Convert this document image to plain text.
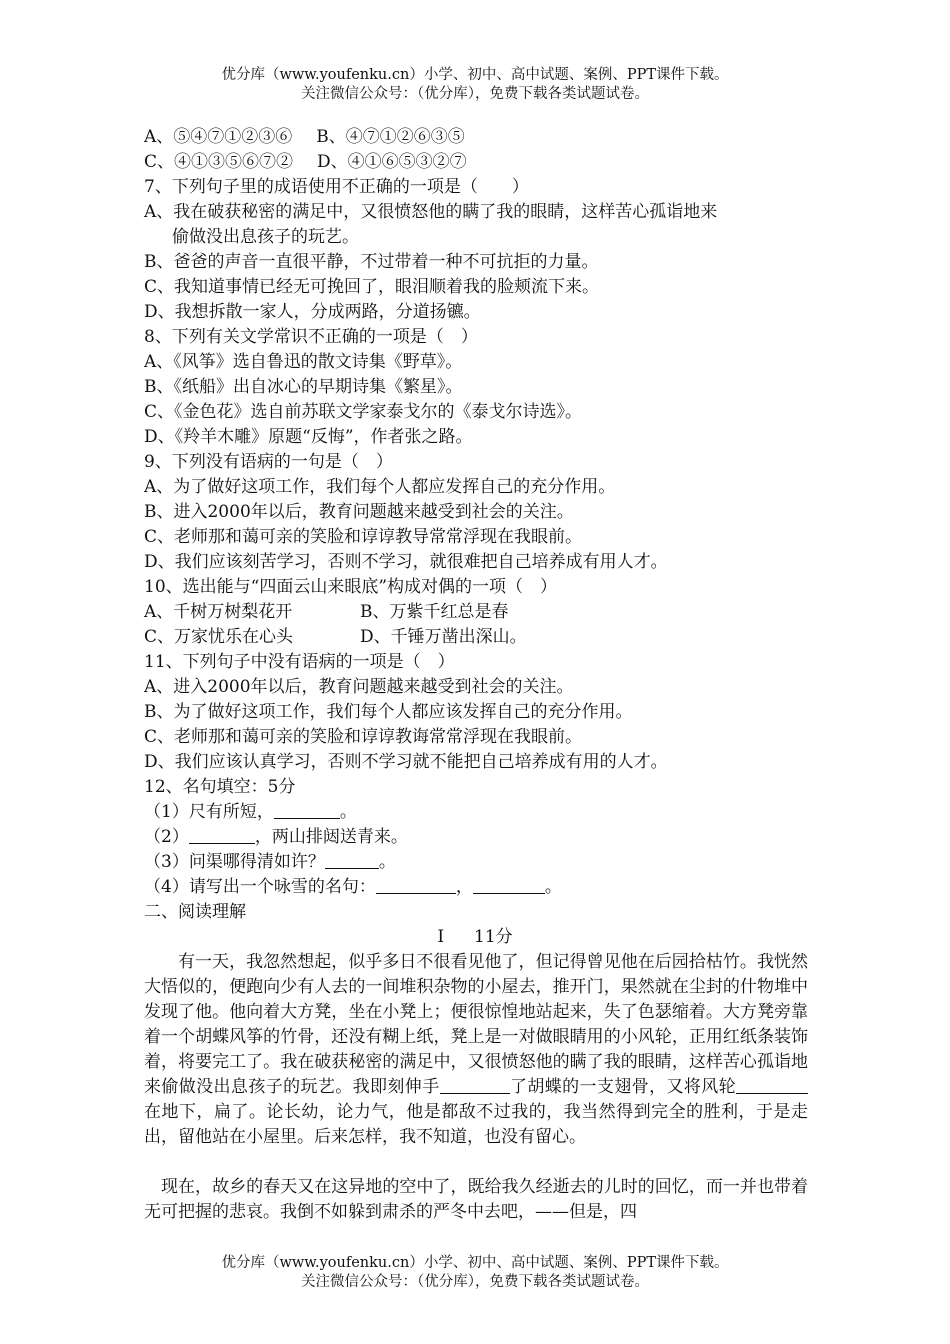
优分库（www.youfenku.cn）小学、初中、高中试题、案例、PPT课件下载。
关注微信公众号：（优分库），免费下载各类试题试卷。
A、⑤④⑦①②③⑥ B、④⑦①②⑥③⑤
C、④①③⑤⑥⑦② D、④①⑥⑤③②⑦
7、下列句子里的成语使用不正确的一项是（　　）
A、我在破获秘密的满足中，又很愤怒他的瞒了我的眼睛，这样苦心孤诣地来
偷做没出息孩子的玩艺。
B、爸爸的声音一直很平静，不过带着一种不可抗拒的力量。
C、我知道事情已经无可挽回了，眼泪顺着我的脸颊流下来。
D、我想拆散一家人，分成两路，分道扬镳。
8、下列有关文学常识不正确的一项是（　）
A、《风筝》选自鲁迅的散文诗集《野草》。
B、《纸船》出自冰心的早期诗集《繁星》。
C、《金色花》选自前苏联文学家泰戈尔的《泰戈尔诗选》。
D、《羚羊木雕》原题“反悔”，作者张之路。
9、下列没有语病的一句是（　）
A、为了做好这项工作，我们每个人都应发挥自己的充分作用。
B、进入2000年以后，教育问题越来越受到社会的关注。
C、老师那和蔼可亲的笑脸和谆谆教导常常浮现在我眼前。
D、我们应该刻苦学习，否则不学习，就很难把自己培养成有用人才。
10、选出能与“四面云山来眼底”构成对偶的一项（　）
A、千树万树梨花开	B、万紫千红总是春
C、万家忧乐在心头	D、千锤万凿出深山。
11、下列句子中没有语病的一项是（　）
A、进入2000年以后，教育问题越来越受到社会的关注。
B、为了做好这项工作，我们每个人都应该发挥自己的充分作用。
C、老师那和蔼可亲的笑脸和谆谆教诲常常浮现在我眼前。
D、我们应该认真学习，否则不学习就不能把自己培养成有用的人才。
12、名句填空：5分
（1）尺有所短，	。
（2）	，两山排闼送青来。
（3）问渠哪得清如许？	。
（4）请写出一个咏雪的名句：	，	。
二、阅读理解
I 11分
有一天，我忽然想起，似乎多日不很看见他了，但记得曾见他在后园拾枯竹。我恍然大悟似的，便跑向少有人去的一间堆积杂物的小屋去，推开门，果然就在尘封的什物堆中发现了他。他向着大方凳，坐在小凳上；便很惊惶地站起来，失了色瑟缩着。大方凳旁靠着一个胡蝶风筝的竹骨，还没有糊上纸，凳上是一对做眼睛用的小风轮，正用红纸条装饰着，将要完工了。我在破获秘密的满足中，又很愤怒他的瞒了我的眼睛，这样苦心孤诣地来偷做没出息孩子的玩艺。我即刻伸手	了胡蝶的一支翅骨，又将风轮在地下，扁了。论长幼，论力气，他是都敌不过我的，我当然得到完全的胜利，于是走出，留他站在小屋里。后来怎样，我不知道，也没有留心。
现在，故乡的春天又在这异地的空中了，既给我久经逝去的儿时的回忆，而一并也带着无可把握的悲哀。我倒不如躲到肃杀的严冬中去吧，——但是，四
优分库（www.youfenku.cn）小学、初中、高中试题、案例、PPT课件下载。
关注微信公众号：（优分库），免费下载各类试题试卷。
